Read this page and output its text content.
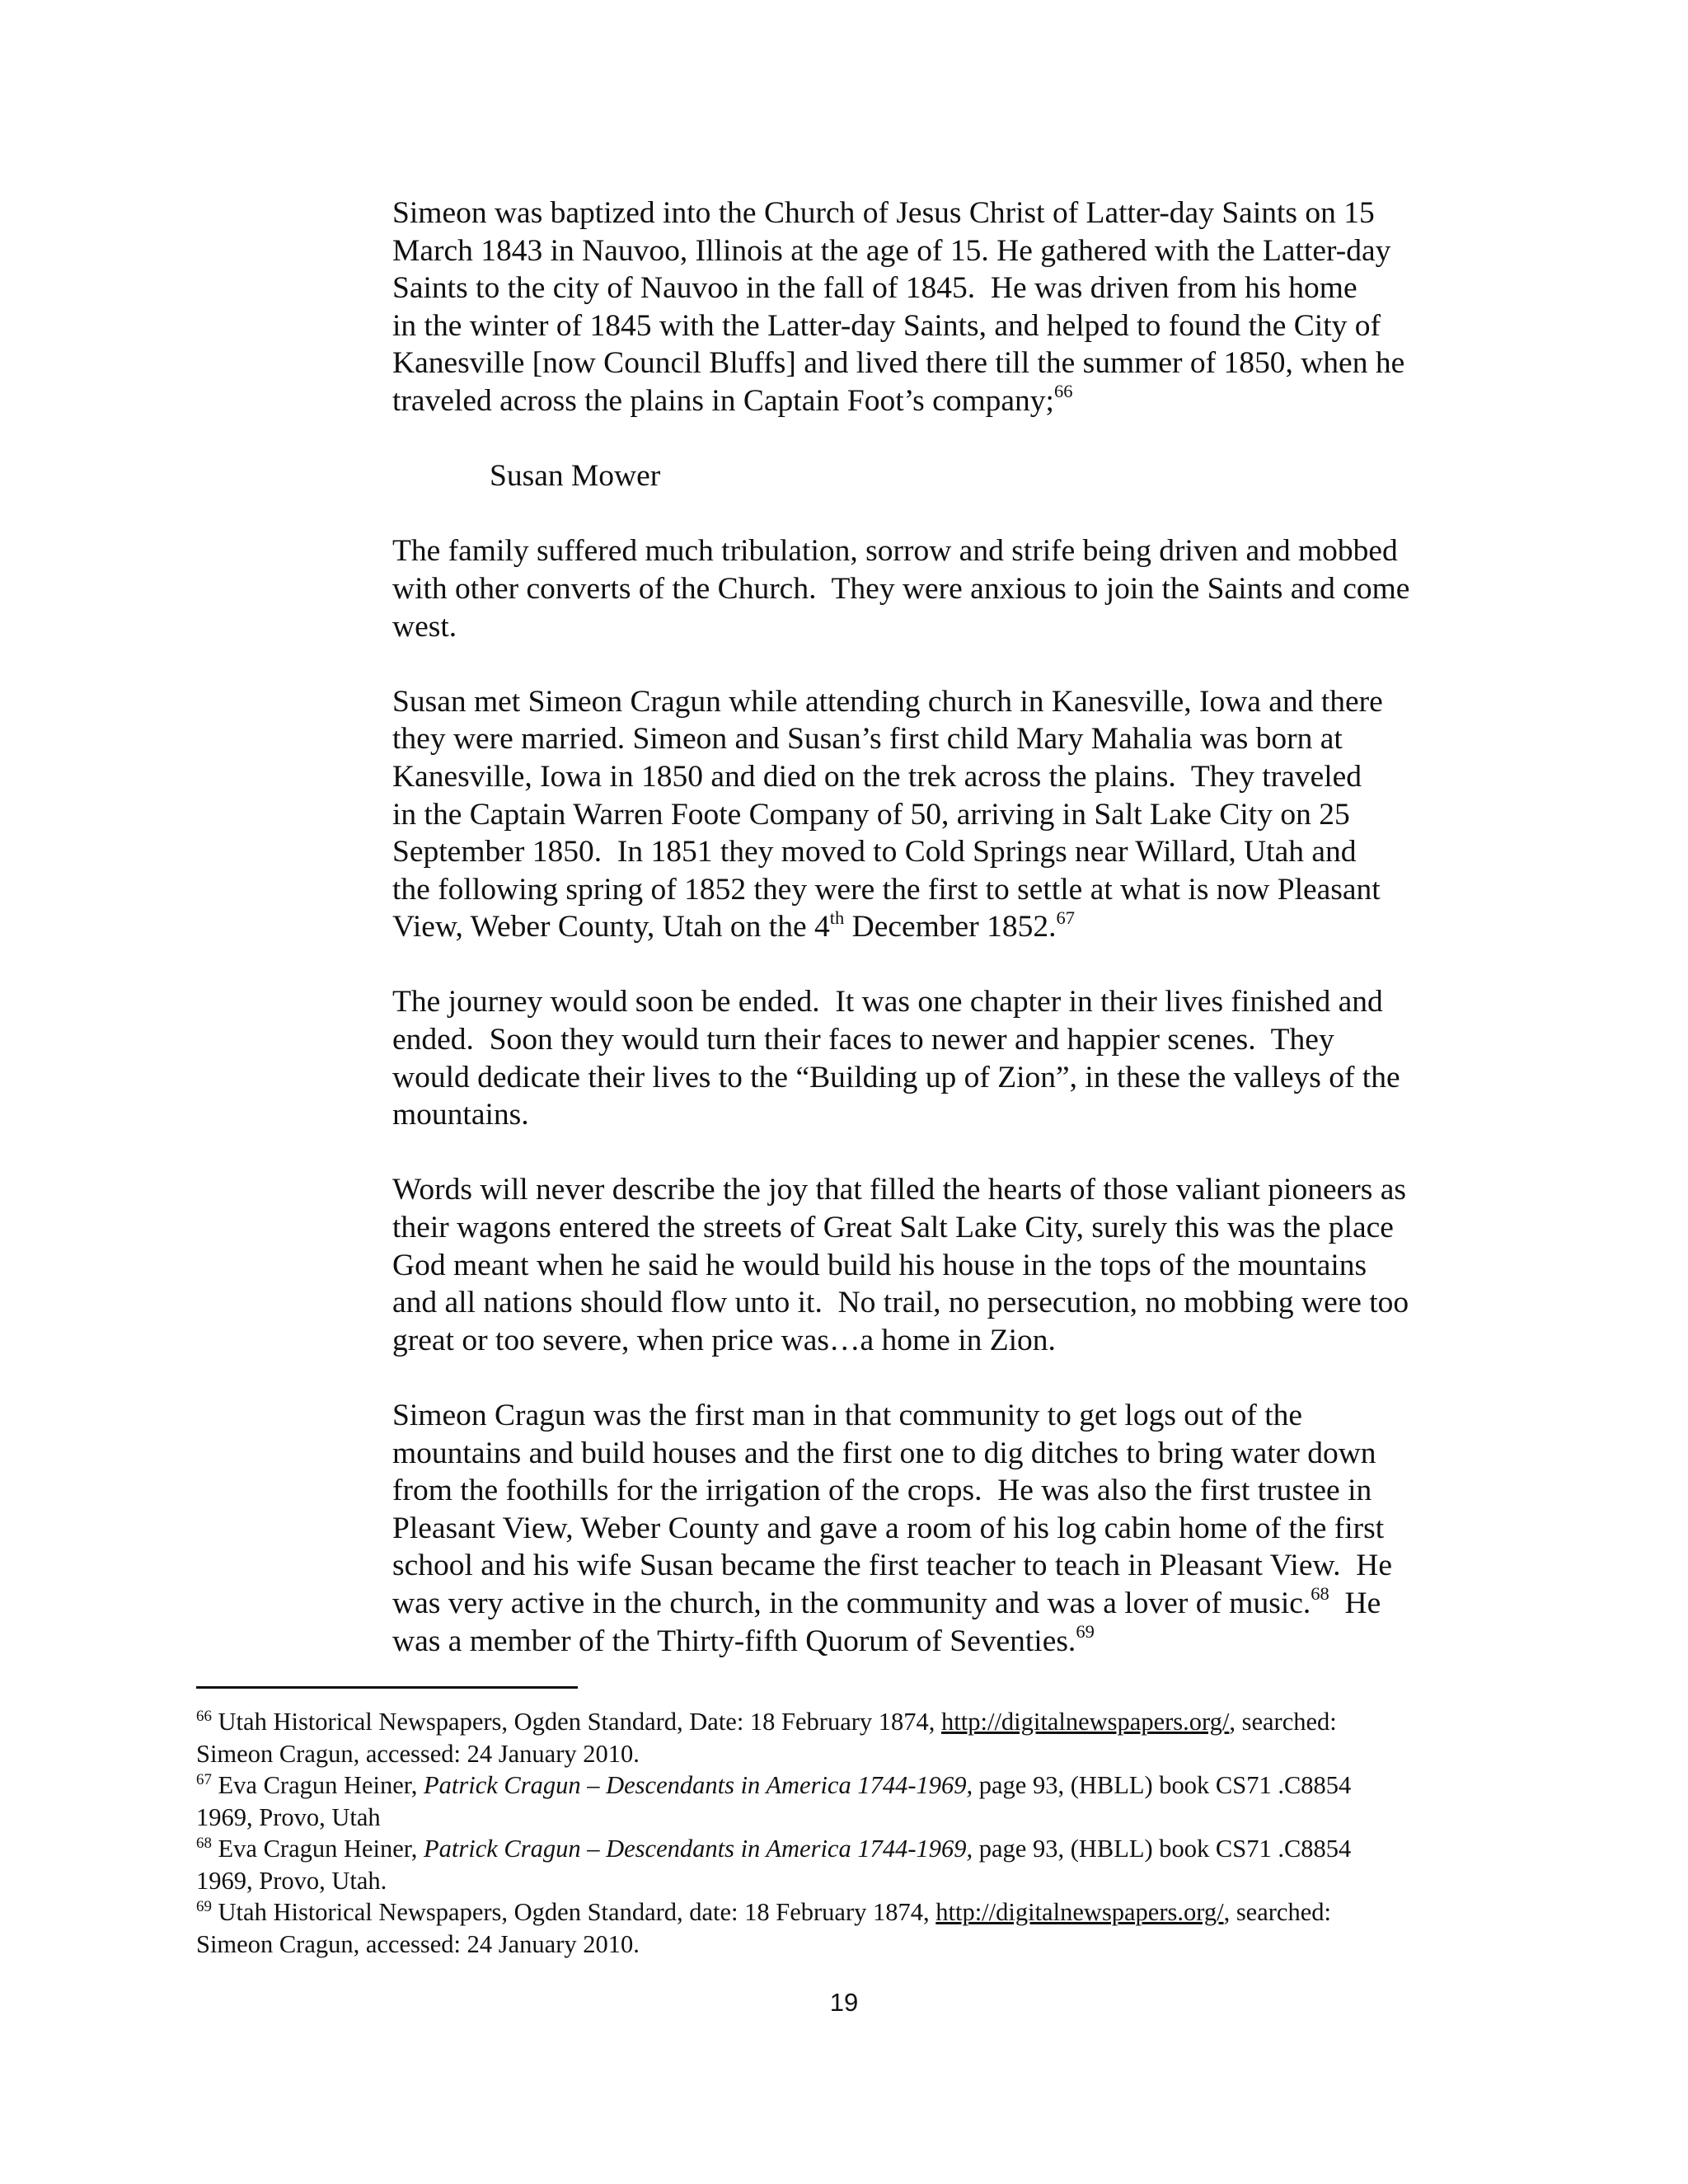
Simeon was baptized into the Church of Jesus Christ of Latter-day Saints on 15
March 1843 in Nauvoo, Illinois at the age of 15. He gathered with the Latter-day
Saints to the city of Nauvoo in the fall of 1845.  He was driven from his home
in the winter of 1845 with the Latter-day Saints, and helped to found the City of
Kanesville [now Council Bluffs] and lived there till the summer of 1850, when he
traveled across the plains in Captain Foot’s company;$^{66}$
Susan Mower
The family suffered much tribulation, sorrow and strife being driven and mobbed
with other converts of the Church.  They were anxious to join the Saints and come
west.
Susan met Simeon Cragun while attending church in Kanesville, Iowa and there
they were married. Simeon and Susan’s first child Mary Mahalia was born at
Kanesville, Iowa in 1850 and died on the trek across the plains.  They traveled
in the Captain Warren Foote Company of 50, arriving in Salt Lake City on 25
September 1850.  In 1851 they moved to Cold Springs near Willard, Utah and
the following spring of 1852 they were the first to settle at what is now Pleasant
View, Weber County, Utah on the 4th December 1852.67
The journey would soon be ended.  It was one chapter in their lives finished and
ended.  Soon they would turn their faces to newer and happier scenes.  They
would dedicate their lives to the “Building up of Zion”, in these the valleys of the
mountains.
Words will never describe the joy that filled the hearts of those valiant pioneers as
their wagons entered the streets of Great Salt Lake City, surely this was the place
God meant when he said he would build his house in the tops of the mountains
and all nations should flow unto it.  No trail, no persecution, no mobbing were too
great or too severe, when price was…a home in Zion.
Simeon Cragun was the first man in that community to get logs out of the
mountains and build houses and the first one to dig ditches to bring water down
from the foothills for the irrigation of the crops.  He was also the first trustee in
Pleasant View, Weber County and gave a room of his log cabin home of the first
school and his wife Susan became the first teacher to teach in Pleasant View.  He
was very active in the church, in the community and was a lover of music.$^{68}$  He
was a member of the Thirty-fifth Quorum of Seventies.$^{69}$
$^{66}$ Utah Historical Newspapers, Ogden Standard, Date: 18 February 1874, http://digitalnewspapers.org/, searched:
Simeon Cragun, accessed: 24 January 2010.
$^{67}$ Eva Cragun Heiner, Patrick Cragun – Descendants in America 1744-1969, page 93, (HBLL) book CS71 .C8854
1969, Provo, Utah
$^{68}$ Eva Cragun Heiner, Patrick Cragun – Descendants in America 1744-1969, page 93, (HBLL) book CS71 .C8854
1969, Provo, Utah.
$^{69}$ Utah Historical Newspapers, Ogden Standard, date: 18 February 1874, http://digitalnewspapers.org/, searched:
Simeon Cragun, accessed: 24 January 2010.
19
